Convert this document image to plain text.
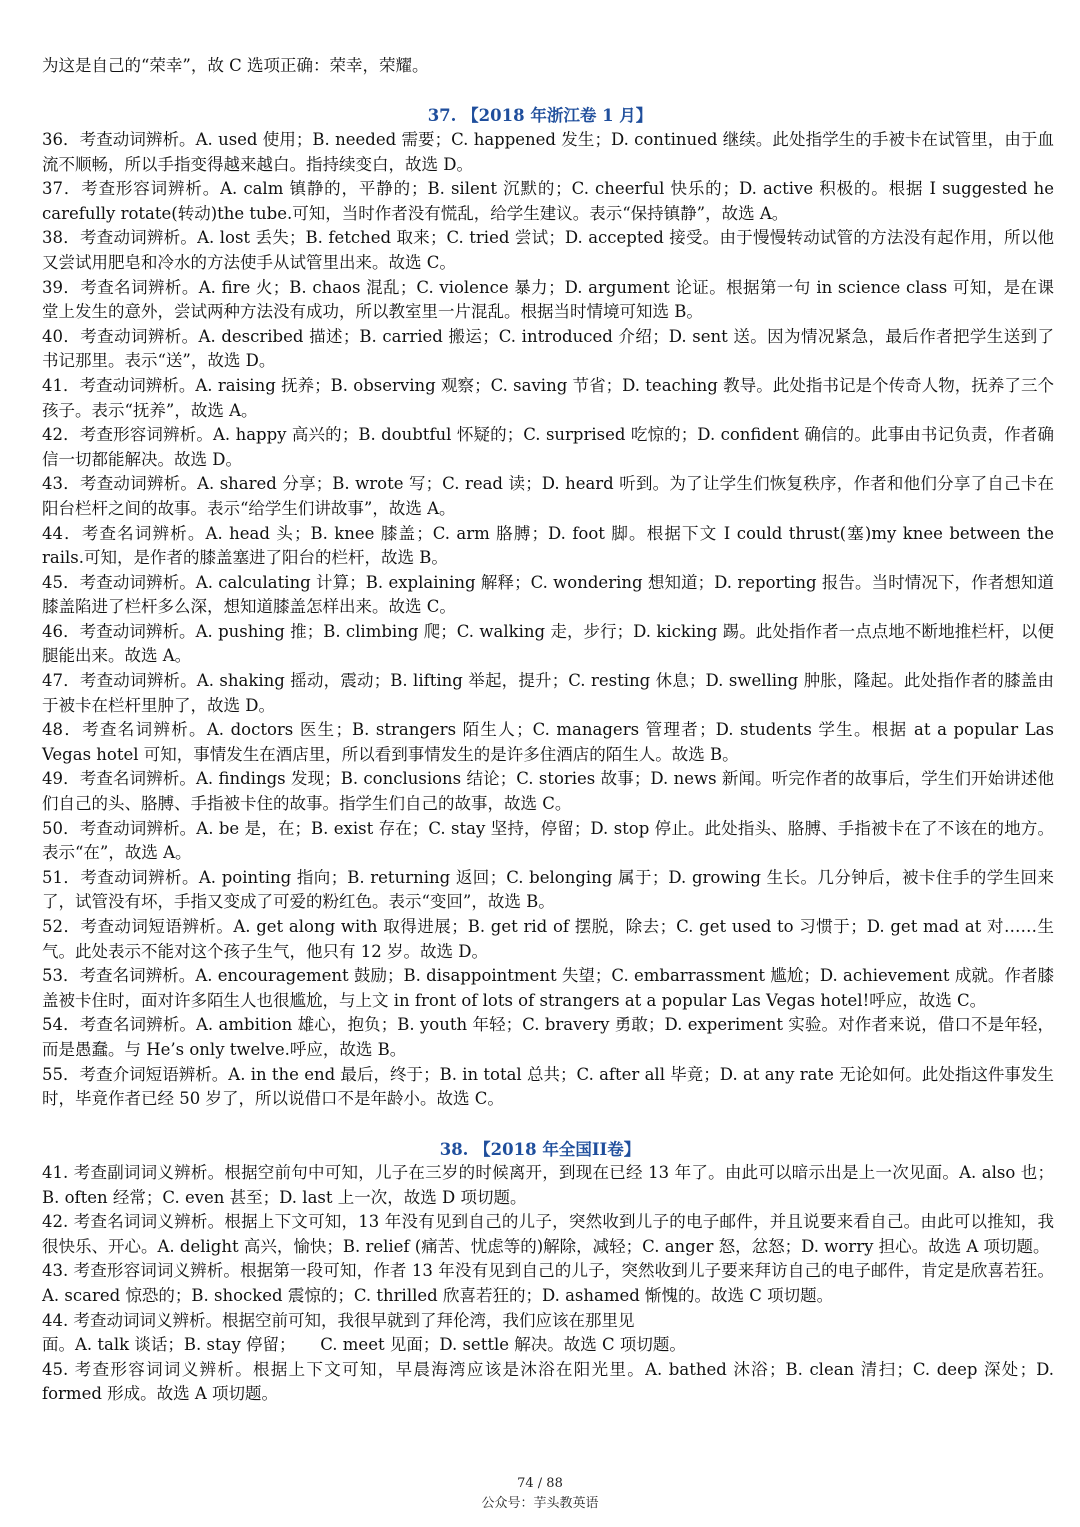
为这是自己的“荣幸”，故 C 选项正确：荣幸，荣耀。

37. 【2018 年浙江卷 1 月】

36．考查动词辨析。A. used 使用；B. needed 需要；C. happened 发生；D. continued 继续。此处指学生的手被卡在试管里，由于血流不顺畅，所以手指变得越来越白。指持续变白，故选 D。

37．考查形容词辨析。A. calm 镇静的，平静的；B. silent 沉默的；C. cheerful 快乐的；D. active 积极的。根据 I suggested he carefully rotate(转动)the tube.可知，当时作者没有慌乱，给学生建议。表示“保持镇静”，故选 A。

38．考查动词辨析。A. lost 丢失；B. fetched 取来；C. tried 尝试；D. accepted 接受。由于慢慢转动试管的方法没有起作用，所以他又尝试用肥皂和冷水的方法使手从试管里出来。故选 C。

39．考查名词辨析。A. fire 火；B. chaos 混乱；C. violence 暴力；D. argument 论证。根据第一句 in science class 可知，是在课堂上发生的意外，尝试两种方法没有成功，所以教室里一片混乱。根据当时情境可知选 B。

40．考查动词辨析。A. described 描述；B. carried 搬运；C. introduced 介绍；D. sent 送。因为情况紧急，最后作者把学生送到了书记那里。表示“送”，故选 D。

41．考查动词辨析。A. raising 抚养；B. observing 观察；C. saving 节省；D. teaching 教导。此处指书记是个传奇人物，抚养了三个孩子。表示“抚养”，故选 A。

42．考查形容词辨析。A. happy 高兴的；B. doubtful 怀疑的；C. surprised 吃惊的；D. confident 确信的。此事由书记负责，作者确信一切都能解决。故选 D。

43．考查动词辨析。A. shared 分享；B. wrote 写；C. read 读；D. heard 听到。为了让学生们恢复秩序，作者和他们分享了自己卡在阳台栏杆之间的故事。表示“给学生们讲故事”，故选 A。

44．考查名词辨析。A. head 头；B. knee 膝盖；C. arm 胳膊；D. foot 脚。根据下文 I could thrust(塞)my knee between the rails.可知，是作者的膝盖塞进了阳台的栏杆，故选 B。

45．考查动词辨析。A. calculating 计算；B. explaining 解释；C. wondering 想知道；D. reporting 报告。当时情况下，作者想知道膝盖陷进了栏杆多么深，想知道膝盖怎样出来。故选 C。

46．考查动词辨析。A. pushing 推；B. climbing 爬；C. walking 走，步行；D. kicking 踢。此处指作者一点点地不断地推栏杆，以便腿能出来。故选 A。

47．考查动词辨析。A. shaking 摇动，震动；B. lifting 举起，提升；C. resting 休息；D. swelling 肿胀，隆起。此处指作者的膝盖由于被卡在栏杆里肿了，故选 D。

48．考查名词辨析。A. doctors 医生；B. strangers 陌生人；C. managers 管理者；D. students 学生。根据 at a popular Las Vegas hotel 可知，事情发生在酒店里，所以看到事情发生的是许多住酒店的陌生人。故选 B。

49．考查名词辨析。A. findings 发现；B. conclusions 结论；C. stories 故事；D. news 新闻。听完作者的故事后，学生们开始讲述他们自己的头、胳膊、手指被卡住的故事。指学生们自己的故事，故选 C。

50．考查动词辨析。A. be 是，在；B. exist 存在；C. stay 坚持，停留；D. stop 停止。此处指头、胳膊、手指被卡在了不该在的地方。表示“在”，故选 A。

51．考查动词辨析。A. pointing 指向；B. returning 返回；C. belonging 属于；D. growing 生长。几分钟后，被卡住手的学生回来了，试管没有坏，手指又变成了可爱的粉红色。表示“变回”，故选 B。

52．考查动词短语辨析。A. get along with 取得进展；B. get rid of 摆脱，除去；C. get used to 习惯于；D. get mad at 对……生气。此处表示不能对这个孩子生气，他只有 12 岁。故选 D。

53．考查名词辨析。A. encouragement 鼓励；B. disappointment 失望；C. embarrassment 尴尬；D. achievement 成就。作者膝盖被卡住时，面对许多陌生人也很尴尬，与上文 in front of lots of strangers at a popular Las Vegas hotel!呼应，故选 C。

54．考查名词辨析。A. ambition 雄心，抱负；B. youth 年轻；C. bravery 勇敢；D. experiment 实验。对作者来说，借口不是年轻，而是愚蠢。与 He’s only twelve.呼应，故选 B。

55．考查介词短语辨析。A. in the end 最后，终于；B. in total 总共；C. after all 毕竟；D. at any rate 无论如何。此处指这件事发生时，毕竟作者已经 50 岁了，所以说借口不是年龄小。故选 C。

38. 【2018 年全国II卷】

41. 考查副词词义辨析。根据空前句中可知，儿子在三岁的时候离开，到现在已经 13 年了。由此可以暗示出是上一次见面。A. also 也；B. often 经常；C. even 甚至；D. last 上一次，故选 D 项切题。

42. 考查名词词义辨析。根据上下文可知，13 年没有见到自己的儿子，突然收到儿子的电子邮件，并且说要来看自己。由此可以推知，我很快乐、开心。A. delight 高兴，愉快；B. relief (痛苦、忧虑等的)解除，减轻；C. anger 怒，忿怒；D. worry 担心。故选 A 项切题。

43. 考查形容词词义辨析。根据第一段可知，作者 13 年没有见到自己的儿子，突然收到儿子要来拜访自己的电子邮件，肯定是欣喜若狂。A. scared 惊恐的；B. shocked 震惊的；C. thrilled 欣喜若狂的；D. ashamed 惭愧的。故选 C 项切题。

44. 考查动词词义辨析。根据空前可知，我很早就到了拜伦湾，我们应该在那里见

面。A. talk 谈话；B. stay 停留；　　C. meet 见面；D. settle 解决。故选 C 项切题。

45. 考查形容词词义辨析。根据上下文可知，早晨海湾应该是沐浴在阳光里。A. bathed 沐浴；B. clean 清扫；C. deep 深处；D. formed 形成。故选 A 项切题。

74 / 88
公众号：芋头教英语
